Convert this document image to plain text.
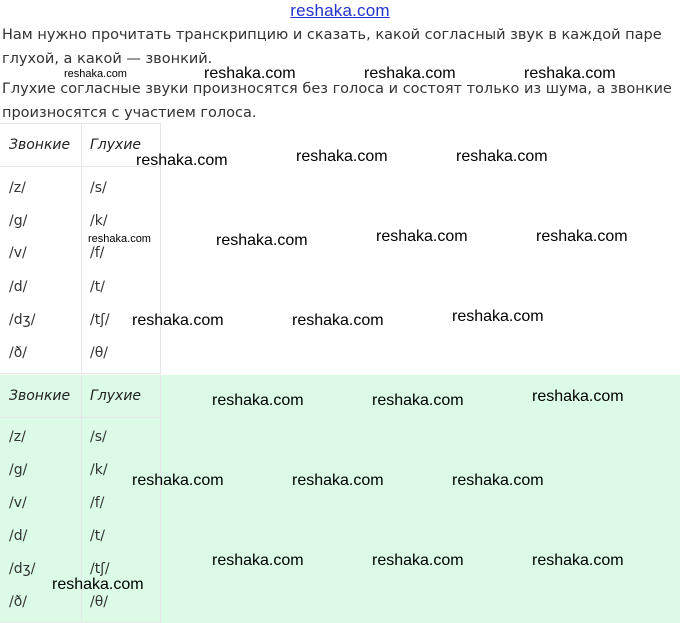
reshaka.com

Нам нужно прочитать транскрипцию и сказать, какой согласный звук в каждой паре глухой, а какой — звонкий.

Глухие согласные звуки произносятся без голоса и состоят только из шума, а звонкие произносятся с участием голоса.

Звонкие Глухие
/z/	/s/
/g/	/k/
/v/	/f/
/d/	/t/
/dʒ/	/tʃ/
/ð/	/θ/
Звонкие Глухие
/z/	/s/
/g/	/k/
/v/	/f/
/d/	/t/
/dʒ/	/tʃ/
/ð/	/θ/
reshaka.com	reshaka.com	reshaka.com	reshaka.com
reshaka.com	reshaka.com	reshaka.com
reshaka.com	reshaka.com	reshaka.com	reshaka.com
reshaka.com	reshaka.com	reshaka.com
reshaka.com	reshaka.com	reshaka.com
reshaka.com	reshaka.com	reshaka.com
reshaka.com	reshaka.com	reshaka.com
reshaka.com
